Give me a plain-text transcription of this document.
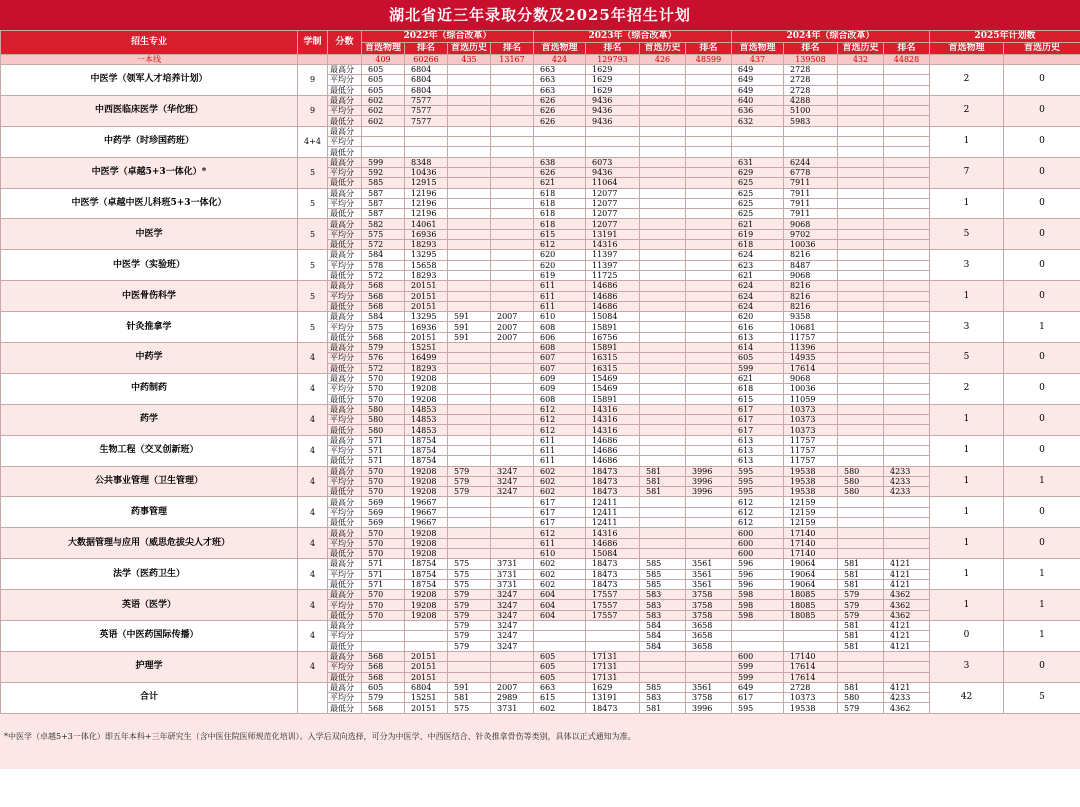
湖北省近三年录取分数及2025年招生计划
招生专业	学制	分数	2022年（综合改革）				2023年（综合改革）				2024年（综合改革）				2025年计划数	
			首选物理	排名	首选历史	排名	首选物理	排名	首选历史	排名	首选物理	排名	首选历史	排名	首选物理	首选历史
一本线			409	60266	435	13167	424	129793	426	48599	437	139508	432	44828		
中医学（领军人才培养计划）	9	最高分	605	6804			663	1629			649	2728			2	0
		平均分	605	6804			663	1629			649	2728				
		最低分	605	6804			663	1629			649	2728				
中西医临床医学（华佗班）	9	最高分	602	7577			626	9436			640	4288			2	0
		平均分	602	7577			626	9436			636	5100				
		最低分	602	7577			626	9436			632	5983				
中药学（时珍国药班）	4+4	最高分													1	0
		平均分														
		最低分														
中医学（卓越5+3一体化）*	5	最高分	599	8348			638	6073			631	6244			7	0
		平均分	592	10436			626	9436			629	6778				
		最低分	585	12915			621	11064			625	7911				
中医学（卓越中医儿科班5+3一体化）	5	最高分	587	12196			618	12077			625	7911			1	0
		平均分	587	12196			618	12077			625	7911				
		最低分	587	12196			618	12077			625	7911				
中医学	5	最高分	582	14061			618	12077			621	9068			5	0
		平均分	575	16936			615	13191			619	9702				
		最低分	572	18293			612	14316			618	10036				
中医学（实验班）	5	最高分	584	13295			620	11397			624	8216			3	0
		平均分	578	15658			620	11397			623	8487				
		最低分	572	18293			619	11725			621	9068				
中医骨伤科学	5	最高分	568	20151			611	14686			624	8216			1	0
		平均分	568	20151			611	14686			624	8216				
		最低分	568	20151			611	14686			624	8216				
针灸推拿学	5	最高分	584	13295	591	2007	610	15084			620	9358			3	1
		平均分	575	16936	591	2007	608	15891			616	10681				
		最低分	568	20151	591	2007	606	16756			613	11757				
中药学	4	最高分	579	15251			608	15891			614	11396			5	0
		平均分	576	16499			607	16315			605	14935				
		最低分	572	18293			607	16315			599	17614				
中药制药	4	最高分	570	19208			609	15469			621	9068			2	0
		平均分	570	19208			609	15469			618	10036				
		最低分	570	19208			608	15891			615	11059				
药学	4	最高分	580	14853			612	14316			617	10373			1	0
		平均分	580	14853			612	14316			617	10373				
		最低分	580	14853			612	14316			617	10373				
生物工程（交叉创新班）	4	最高分	571	18754			611	14686			613	11757			1	0
		平均分	571	18754			611	14686			613	11757				
		最低分	571	18754			611	14686			613	11757				
公共事业管理（卫生管理）	4	最高分	570	19208	579	3247	602	18473	581	3996	595	19538	580	4233	1	1
		平均分	570	19208	579	3247	602	18473	581	3996	595	19538	580	4233		
		最低分	570	19208	579	3247	602	18473	581	3996	595	19538	580	4233		
药事管理	4	最高分	569	19667			617	12411			612	12159			1	0
		平均分	569	19667			617	12411			612	12159				
		最低分	569	19667			617	12411			612	12159				
大数据管理与应用（威思危拔尖人才班）	4	最高分	570	19208			612	14316			600	17140			1	0
		平均分	570	19208			611	14686			600	17140				
		最低分	570	19208			610	15084			600	17140				
法学（医药卫生）	4	最高分	571	18754	575	3731	602	18473	585	3561	596	19064	581	4121	1	1
		平均分	571	18754	575	3731	602	18473	585	3561	596	19064	581	4121		
		最低分	571	18754	575	3731	602	18473	585	3561	596	19064	581	4121		
英语（医学）	4	最高分	570	19208	579	3247	604	17557	583	3758	598	18085	579	4362	1	1
		平均分	570	19208	579	3247	604	17557	583	3758	598	18085	579	4362		
		最低分	570	19208	579	3247	604	17557	583	3758	598	18085	579	4362		
英语（中医药国际传播）	4	最高分			579	3247			584	3658			581	4121	0	1
		平均分			579	3247			584	3658			581	4121		
		最低分			579	3247			584	3658			581	4121		
护理学	4	最高分	568	20151			605	17131			600	17140			3	0
		平均分	568	20151			605	17131			599	17614				
		最低分	568	20151			605	17131			599	17614				
合计		最高分	605	6804	591	2007	663	1629	585	3561	649	2728	581	4121	42	5
		平均分	579	15251	581	2989	615	13191	583	3758	617	10373	580	4233		
		最低分	568	20151	575	3731	602	18473	581	3996	595	19538	579	4362		
*中医学（卓越5+3一体化）即五年本科+三年研究生（含中医住院医师规范化培训）。入学后双向选择，可分为中医学、中西医结合、针灸推拿骨伤等类别，具体以正式通知为准。
